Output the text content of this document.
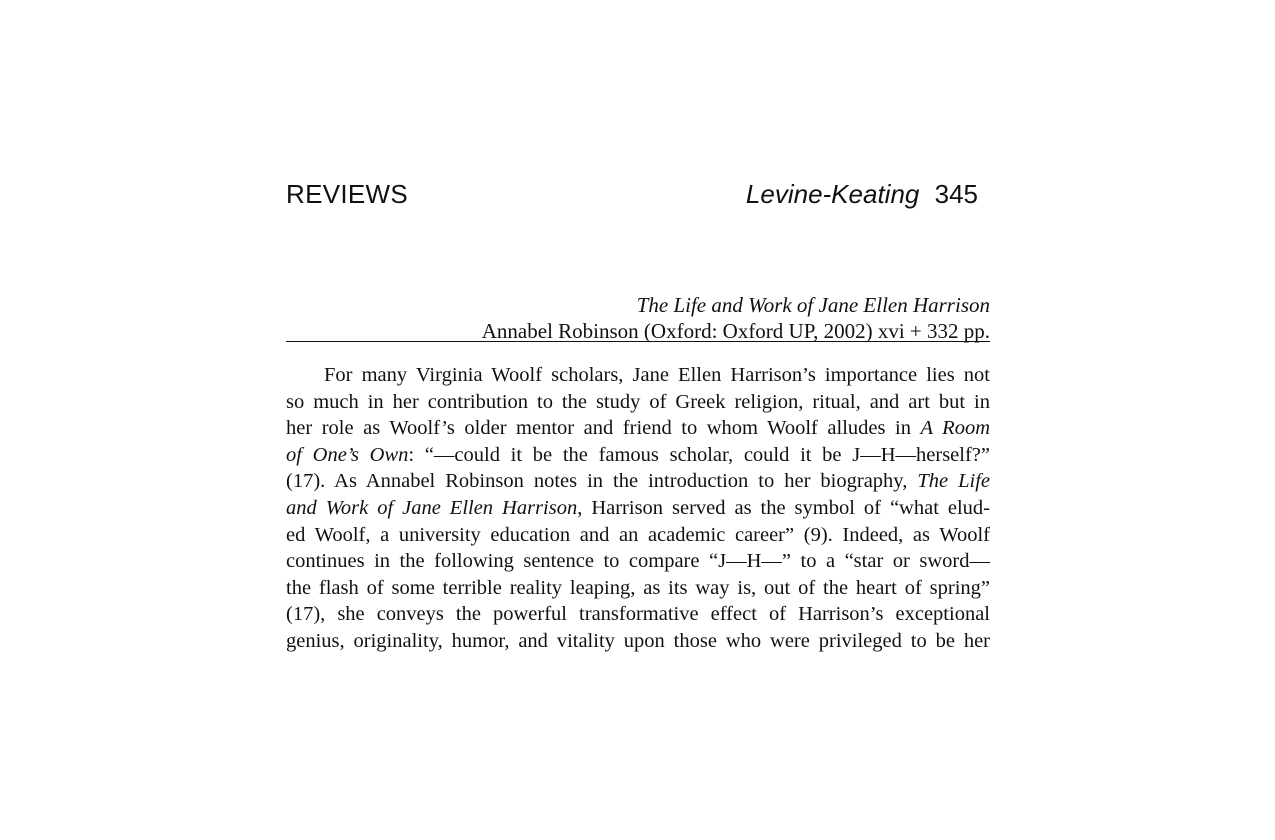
REVIEWS	Levine-Keating 345
The Life and Work of Jane Ellen Harrison
Annabel Robinson (Oxford: Oxford UP, 2002) xvi + 332 pp.
For many Virginia Woolf scholars, Jane Ellen Harrison’s importance lies not
so much in her contribution to the study of Greek religion, ritual, and art but in
her role as Woolf’s older mentor and friend to whom Woolf alludes in A Room
of One’s Own: “—could it be the famous scholar, could it be J—H—herself?”
(17). As Annabel Robinson notes in the introduction to her biography, The Life
and Work of Jane Ellen Harrison, Harrison served as the symbol of “what elud-
ed Woolf, a university education and an academic career” (9). Indeed, as Woolf
continues in the following sentence to compare “J—H—” to a “star or sword—
the flash of some terrible reality leaping, as its way is, out of the heart of spring”
(17), she conveys the powerful transformative effect of Harrison’s exceptional
genius, originality, humor, and vitality upon those who were privileged to be her
